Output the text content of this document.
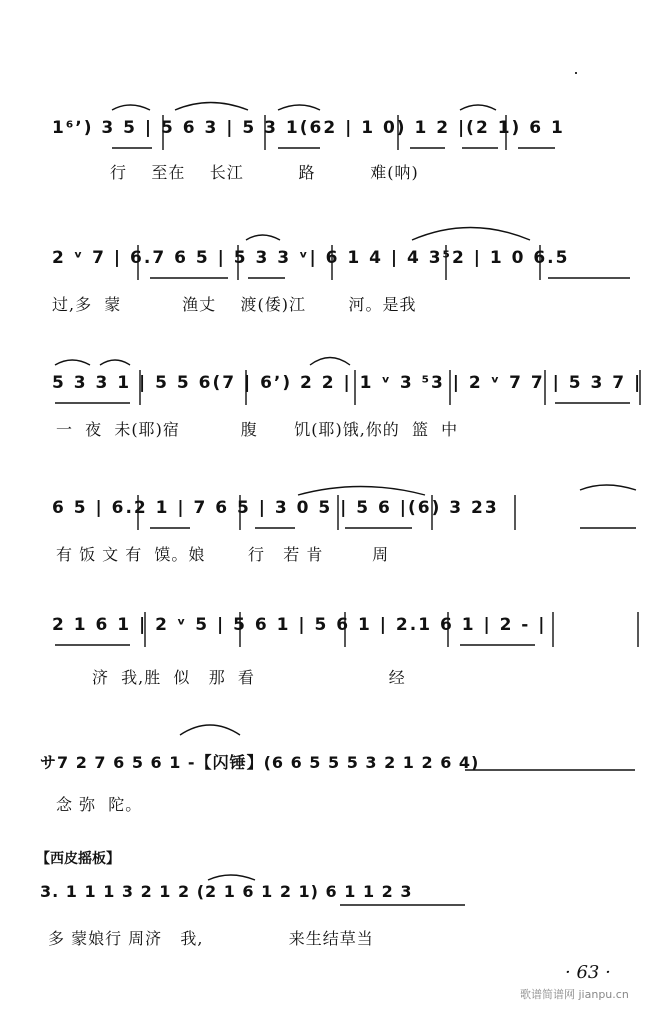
1⁶ʼ) 3 5 | 5 6 3 | 5 3 1(62 | 1 0) 1 2 |(2 1) 6 1
行    至在    长江         路         难(呐)
2 ᵛ 7 | 6.7 6 5 | 5 3 3 ᵛ| 6 1 4 | 4 3⁵2 | 1 0 6.5
过,多  蒙          渔丈    渡(倭)江       河。是我
5 3 3 1 | 5 5 6(7 | 6ʼ) 2 2 | 1 ᵛ 3 ⁵3 | 2 ᵛ 7 7 | 5 3 7 |
一  夜  未(耶)宿          腹      饥(耶)饿,你的  篮  中
6 5 | 6.2 1 | 7 6 5 | 3 0 5 | 5 6 |(6) 3 23
有 饭 文 有  馍。娘       行   若 肯        周
2 1 6 1 | 2 ᵛ 5 | 5 6 1 | 5 6 1 | 2.1 6 1 | 2 - |
济  我,胜  似   那  看                      经
サ7 2 7 6 5 6 1 -【闪锤】(6 6 5 5 5 3 2 1 2 6 4)
念 弥  陀。
【西皮摇板】
3. 1 1 1 3 2 1 2 (2 1 6 1 2 1) 6 1 1 2 3
多 蒙娘行 周济   我,              来生结草当
· 63 ·
歌谱简谱网 jianpu.cn
